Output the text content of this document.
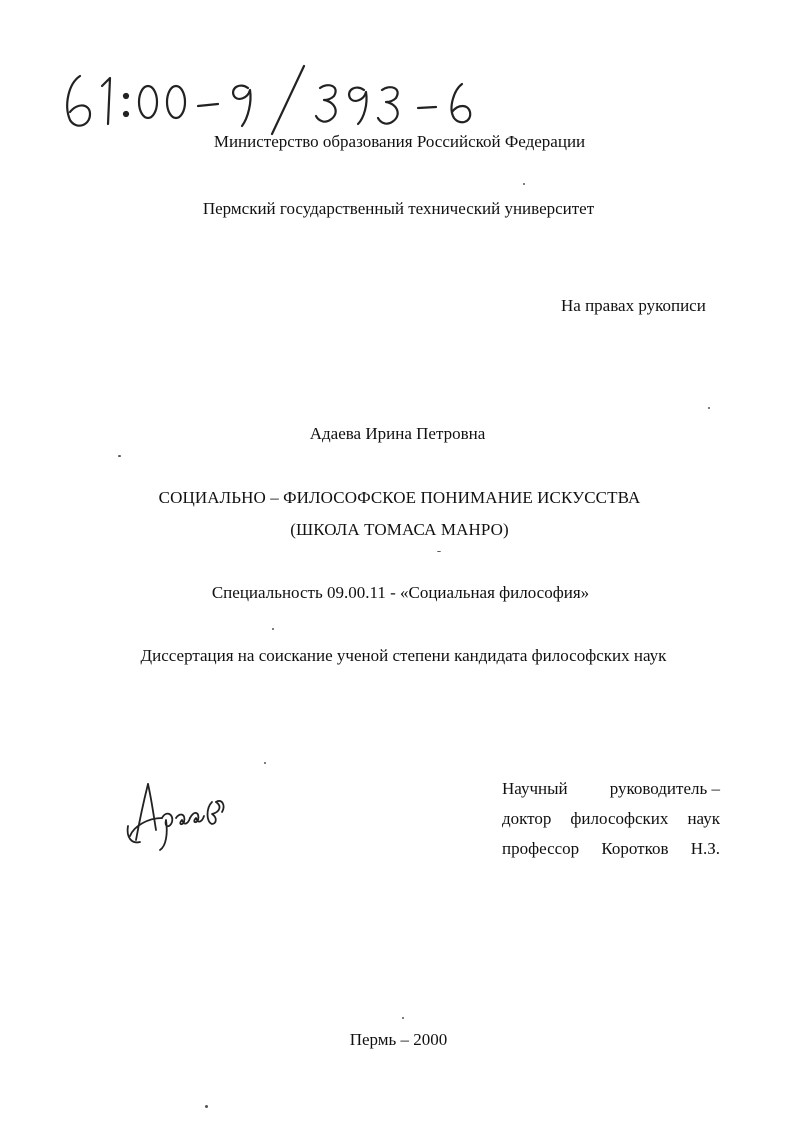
Министерство образования Российской Федерации
Пермский государственный технический университет
На правах рукописи
Адаева Ирина Петровна
СОЦИАЛЬНО – ФИЛОСОФСКОЕ ПОНИМАНИЕ ИСКУССТВА
(ШКОЛА ТОМАСА МАНРО)
Специальность 09.00.11 - «Социальная философия»
Диссертация на соискание ученой степени кандидата философских наук
Научный руководитель –
доктор философских наук
профессор Коротков Н.З.
Пермь – 2000
